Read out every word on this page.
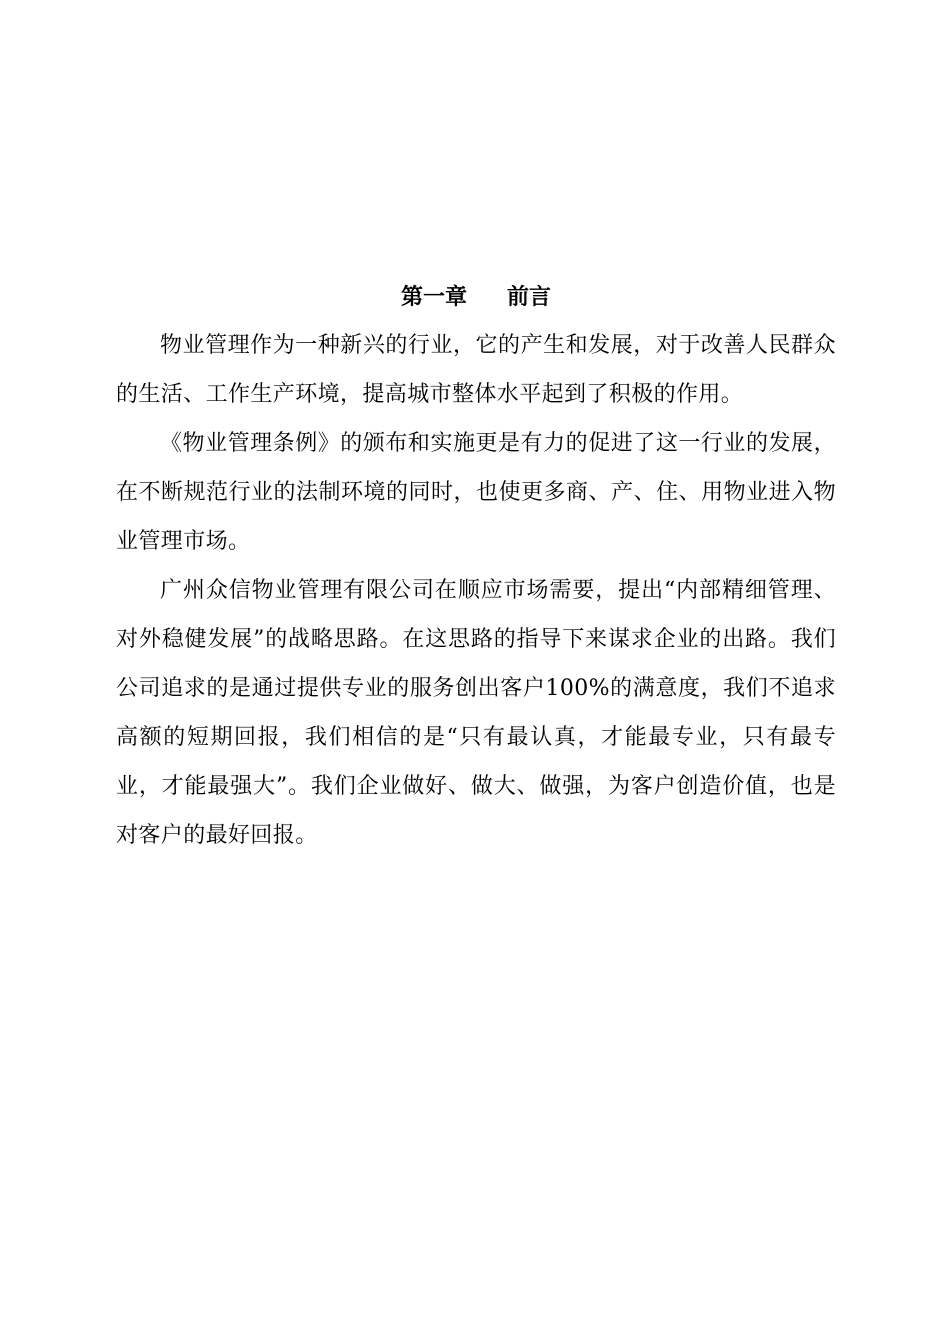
第一章 前言

物业管理作为一种新兴的行业，它的产生和发展，对于改善人民群众的生活、工作生产环境，提高城市整体水平起到了积极的作用。

《物业管理条例》的颁布和实施更是有力的促进了这一行业的发展，在不断规范行业的法制环境的同时，也使更多商、产、住、用物业进入物业管理市场。

广州众信物业管理有限公司在顺应市场需要，提出“内部精细管理、对外稳健发展”的战略思路。在这思路的指导下来谋求企业的出路。我们公司追求的是通过提供专业的服务创出客户100%的满意度，我们不追求高额的短期回报，我们相信的是“只有最认真，才能最专业，只有最专业，才能最强大”。我们企业做好、做大、做强，为客户创造价值，也是对客户的最好回报。
